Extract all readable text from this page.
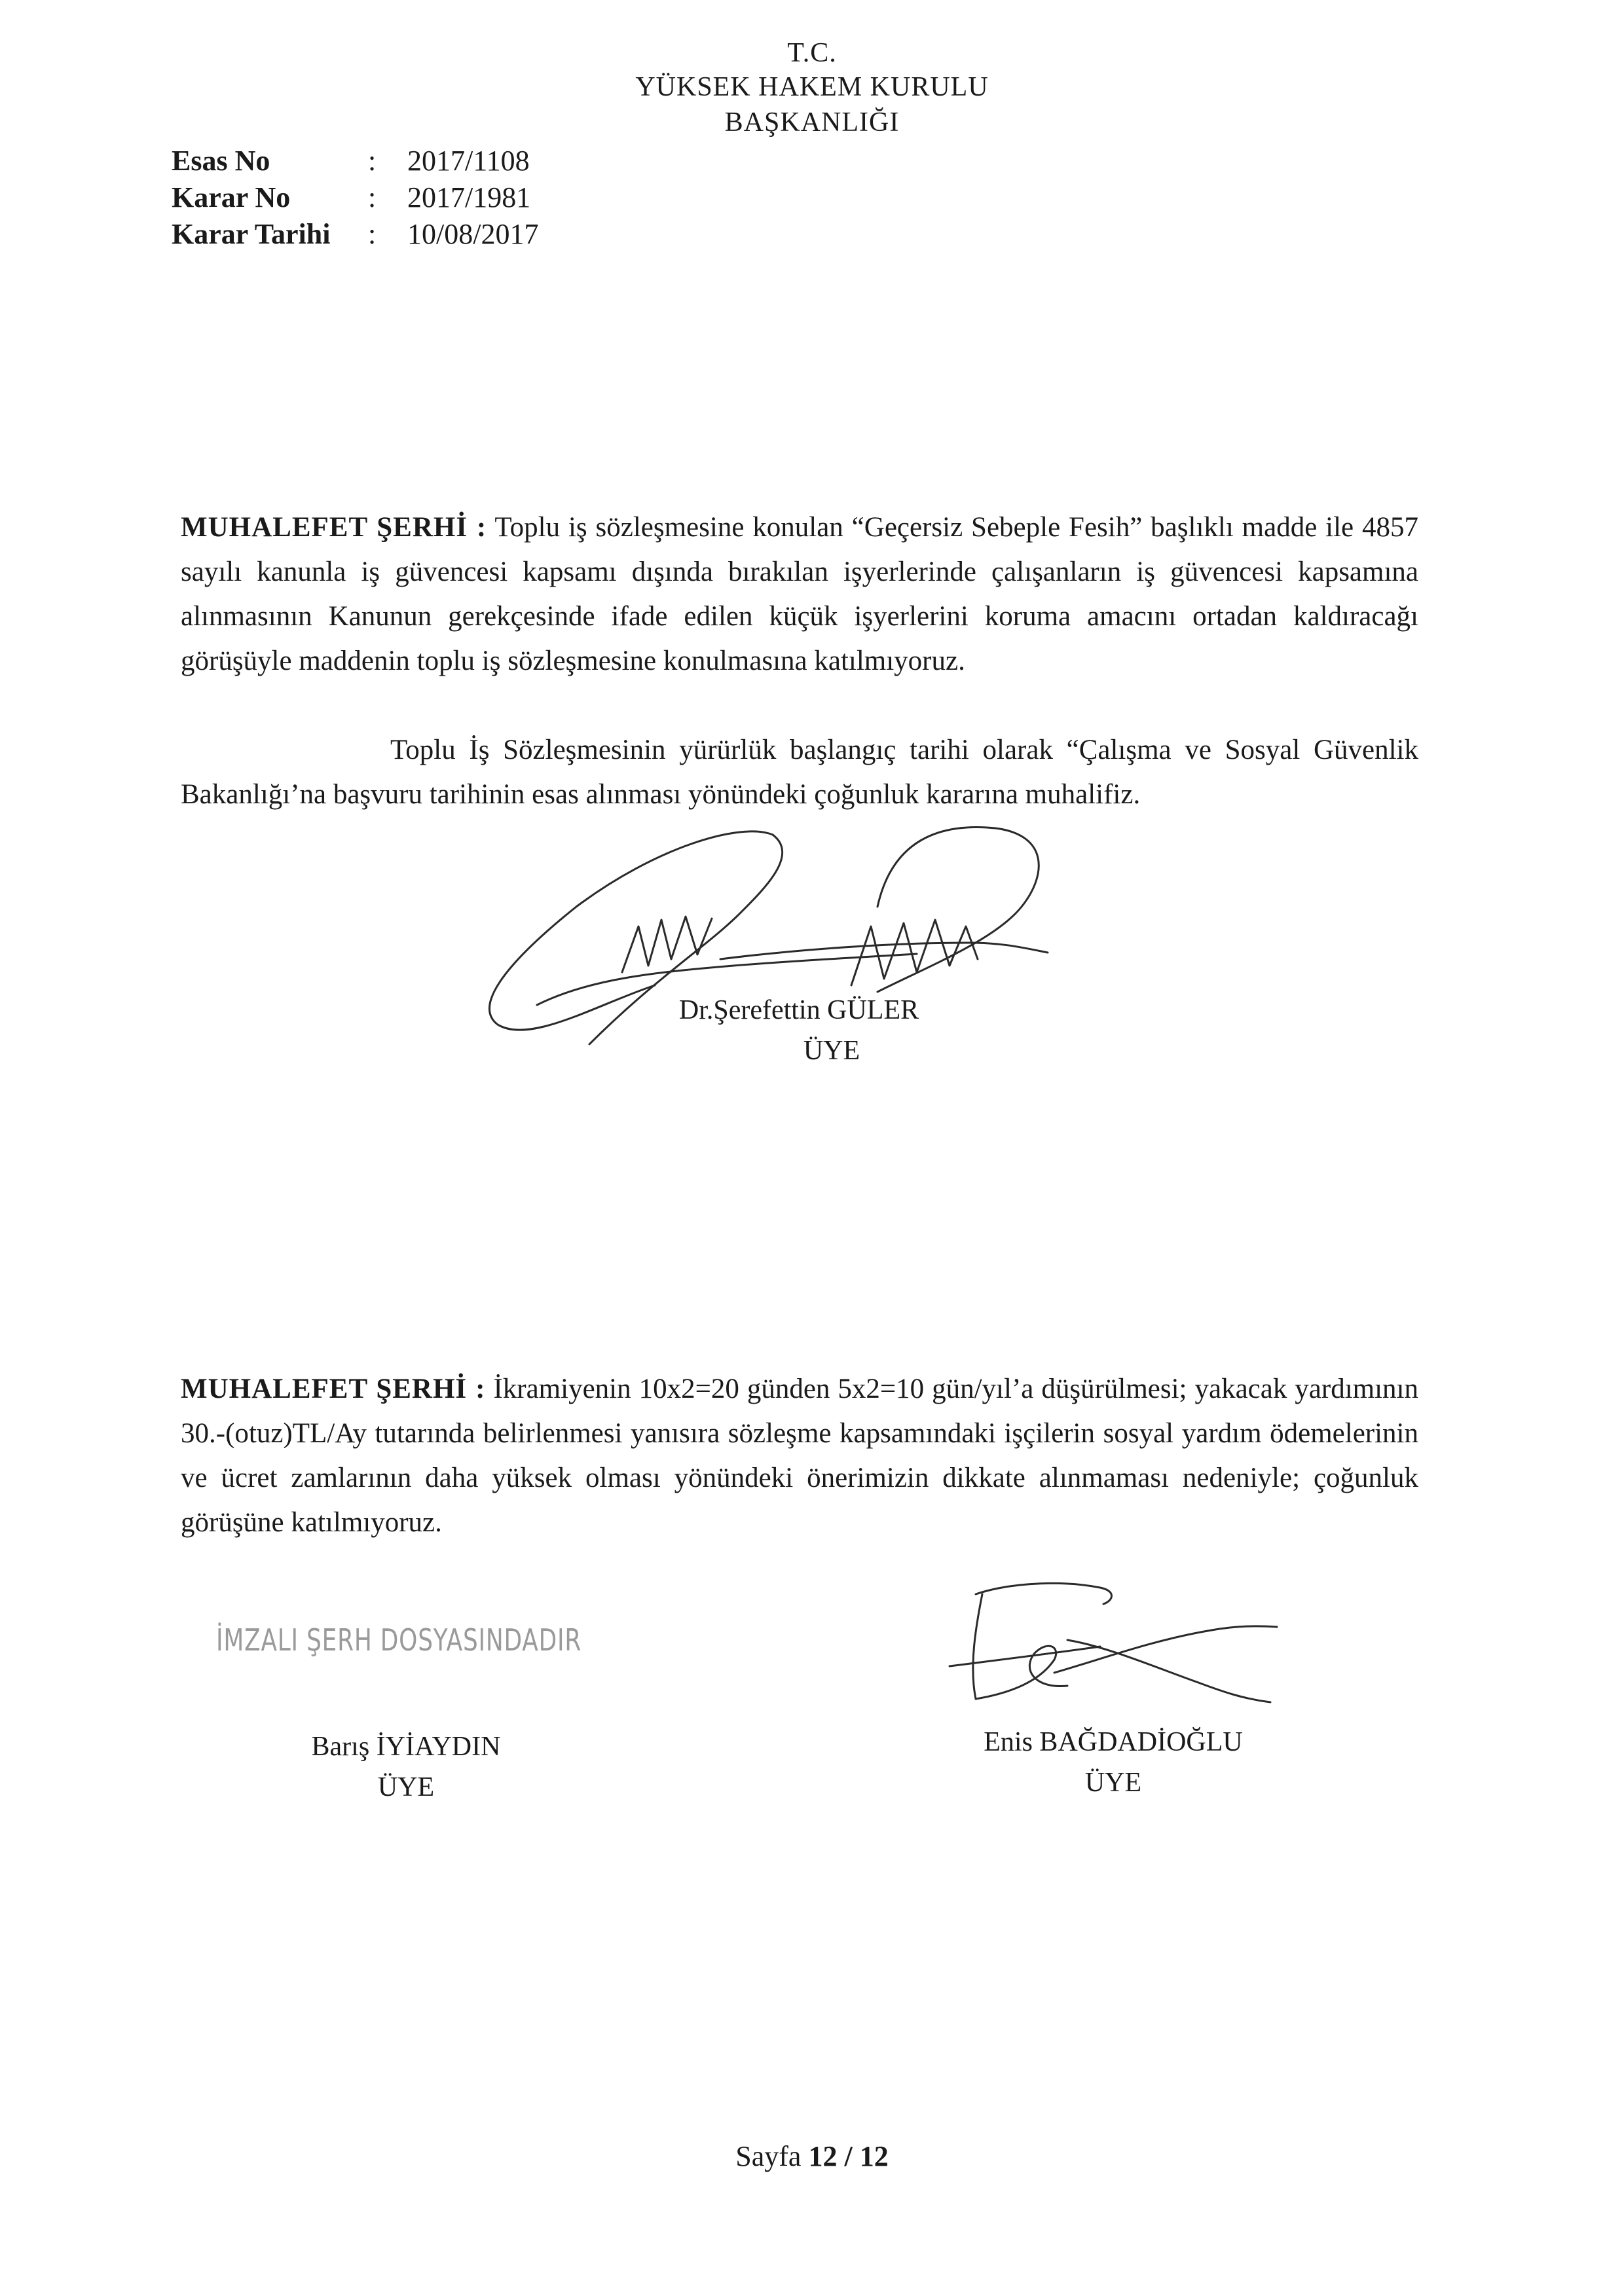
T.C.
YÜKSEK HAKEM KURULU
BAŞKANLIĞI
Esas No	: 2017/1108
Karar No	: 2017/1981
Karar Tarihi : 10/08/2017

MUHALEFET ŞERHİ : Toplu iş sözleşmesine konulan “Geçersiz Sebeple Fesih” başlıklı madde ile 4857 sayılı kanunla iş güvencesi kapsamı dışında bırakılan işyerlerinde çalışanların iş güvencesi kapsamına alınmasının Kanunun gerekçesinde ifade edilen küçük işyerlerini koruma amacını ortadan kaldıracağı görüşüyle maddenin toplu iş sözleşmesine konulmasına katılmıyoruz.

Toplu İş Sözleşmesinin yürürlük başlangıç tarihi olarak “Çalışma ve Sosyal Güvenlik Bakanlığı’na başvuru tarihinin esas alınması yönündeki çoğunluk kararına muhalifiz.

Dr.Şerefettin GÜLER
ÜYE

MUHALEFET ŞERHİ : İkramiyenin 10x2=20 günden 5x2=10 gün/yıl’a düşürülmesi; yakacak yardımının 30.-(otuz)TL/Ay tutarında belirlenmesi yanısıra sözleşme kapsamındaki işçilerin sosyal yardım ödemelerinin ve ücret zamlarının daha yüksek olması yönündeki önerimizin dikkate alınmaması nedeniyle; çoğunluk görüşüne katılmıyoruz.

İMZALI ŞERH DOSYASINDADIR
Barış İYİAYDIN
ÜYE
Enis BAĞDADİOĞLU
ÜYE
Sayfa 12 / 12
